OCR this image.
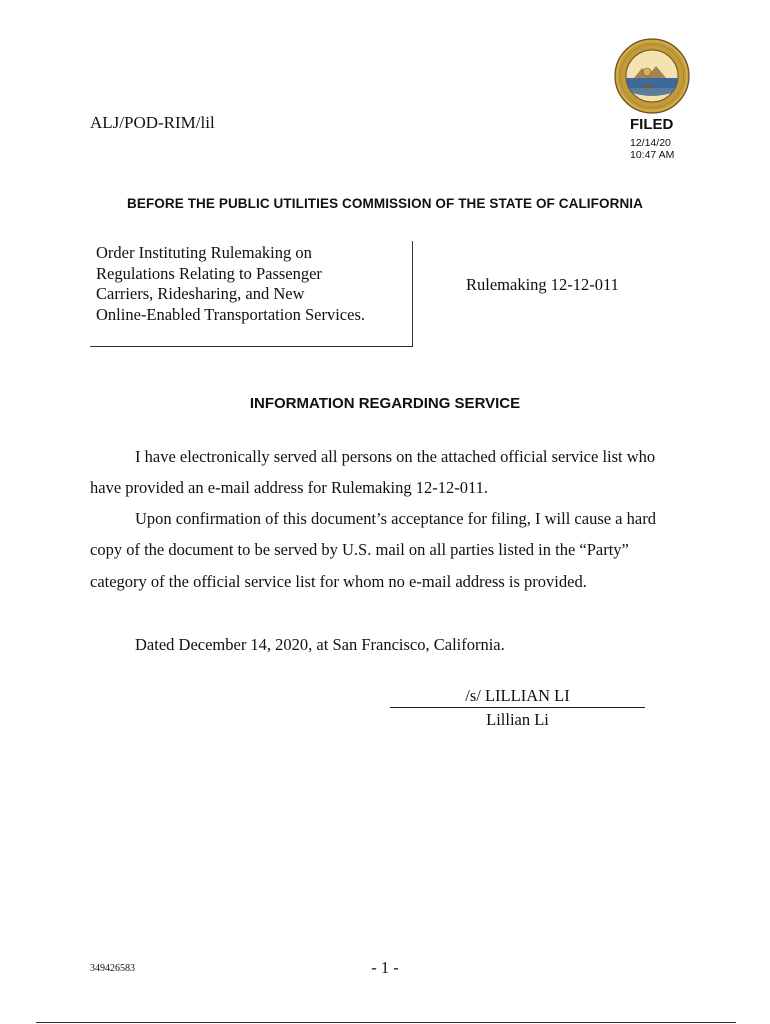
ALJ/POD-RIM/lil	FILED
12/14/20
10:47 AM
BEFORE THE PUBLIC UTILITIES COMMISSION OF THE STATE OF CALIFORNIA
Order Instituting Rulemaking on
Regulations Relating to Passenger
Carriers, Ridesharing, and New
Online-Enabled Transportation Services.
Rulemaking 12-12-011
INFORMATION REGARDING SERVICE

I have electronically served all persons on the attached official service list who have provided an e-mail address for Rulemaking 12-12-011.

Upon confirmation of this document’s acceptance for filing, I will cause a hard copy of the document to be served by U.S. mail on all parties listed in the “Party” category of the official service list for whom no e-mail address is provided.

Dated December 14, 2020, at San Francisco, California.

/s/ LILLIAN LI
Lillian Li
349426583	- 1 -
